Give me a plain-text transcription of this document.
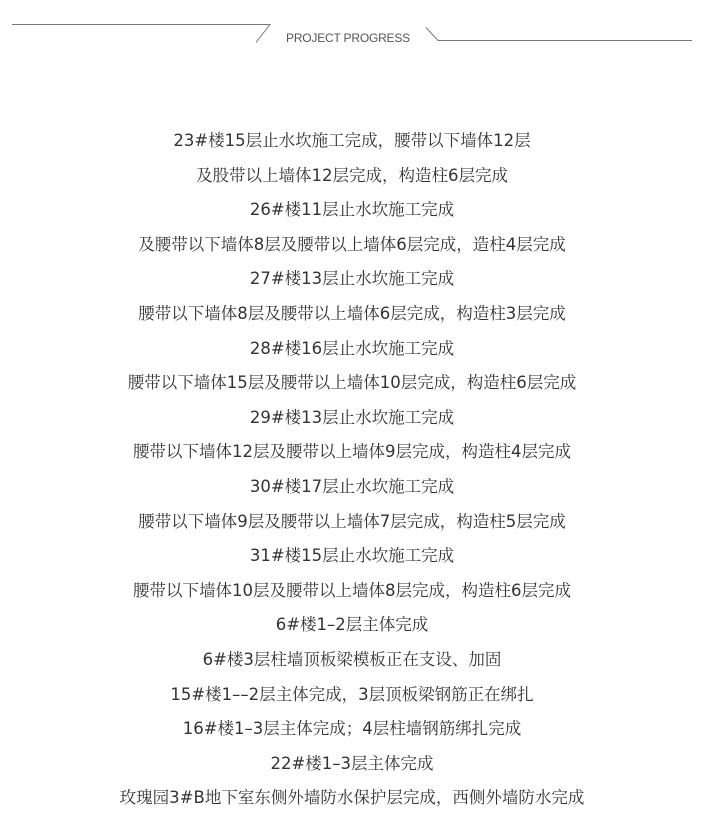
PROJECT PROGRESS
23#楼15层止水坎施工完成，腰带以下墙体12层
及股带以上墙体12层完成，构造柱6层完成
26#楼11层止水坎施工完成
及腰带以下墙体8层及腰带以上墙体6层完成，造柱4层完成
27#楼13层止水坎施工完成
腰带以下墙体8层及腰带以上墙体6层完成，构造柱3层完成
28#楼16层止水坎施工完成
腰带以下墙体15层及腰带以上墙体10层完成，构造柱6层完成
29#楼13层止水坎施工完成
腰带以下墙体12层及腰带以上墙体9层完成，构造柱4层完成
30#楼17层止水坎施工完成
腰带以下墙体9层及腰带以上墙体7层完成，构造柱5层完成
31#楼15层止水坎施工完成
腰带以下墙体10层及腰带以上墙体8层完成，构造柱6层完成
6#楼1–2层主体完成
6#楼3层柱墙顶板梁模板正在支设、加固
15#楼1––2层主体完成，3层顶板梁钢筋正在绑扎
16#楼1–3层主体完成；4层柱墙钢筋绑扎完成
22#楼1–3层主体完成
玫瑰园3#B地下室东侧外墙防水保护层完成，西侧外墙防水完成
